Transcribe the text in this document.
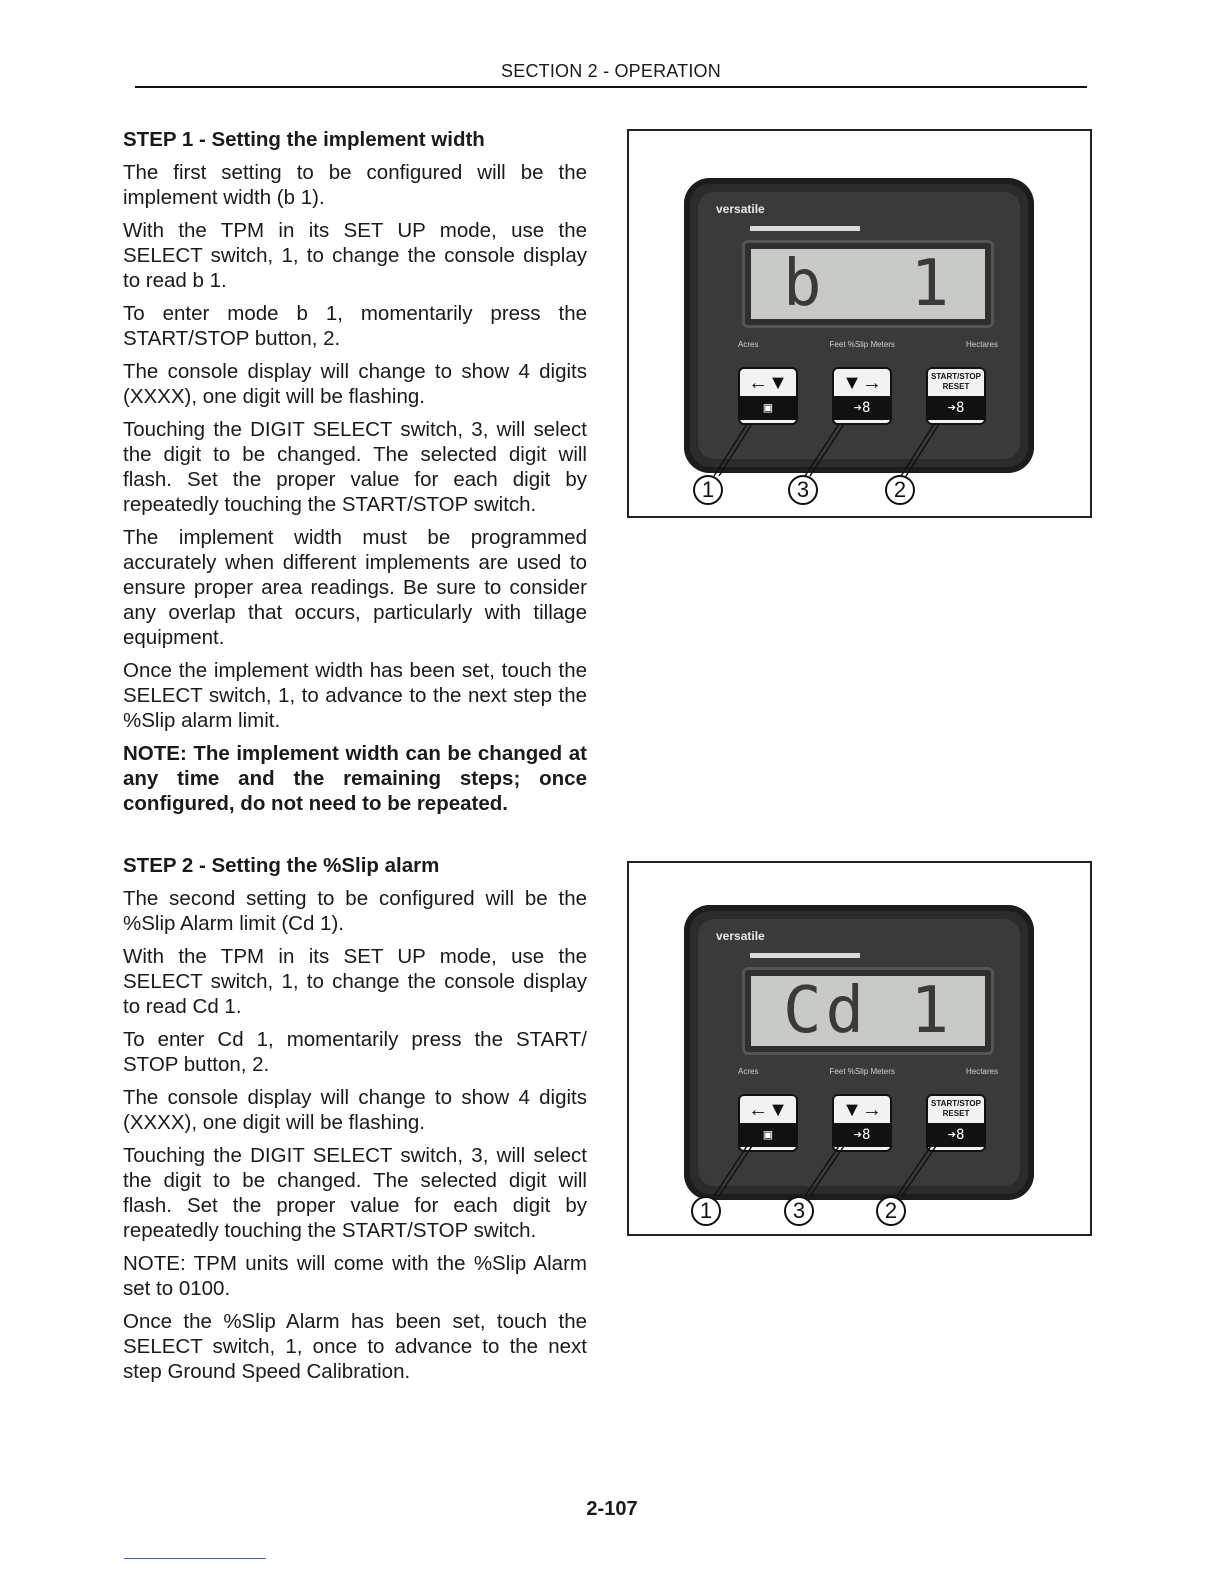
SECTION 2 - OPERATION
STEP 1 - Setting the implement width

The first setting to be configured will be the implement width (b 1).

With the TPM in its SET UP mode, use the SELECT switch, 1, to change the console display to read b 1.

To enter mode b 1, momentarily press the START/STOP button, 2.

The console display will change to show 4 digits (XXXX), one digit will be flashing.

Touching the DIGIT SELECT switch, 3, will select the digit to be changed. The selected digit will flash. Set the proper value for each digit by repeatedly touching the START/STOP switch.

The implement width must be programmed accurately when different implements are used to ensure proper area readings. Be sure to consider any overlap that occurs, particularly with tillage equipment.

Once the implement width has been set, touch the SELECT switch, 1, to advance to the next step the %Slip alarm limit.

NOTE: The implement width can be changed at any time and the remaining steps; once configured, do not need to be repeated.

STEP 2 - Setting the %Slip alarm

The second setting to be configured will be the %Slip Alarm limit (Cd 1).

With the TPM in its SET UP mode, use the SELECT switch, 1, to change the console display to read Cd 1.

To enter Cd 1, momentarily press the START/ STOP button, 2.

The console display will change to show 4 digits (XXXX), one digit will be flashing.

Touching the DIGIT SELECT switch, 3, will select the digit to be changed. The selected digit will flash. Set the proper value for each digit by repeatedly touching the START/STOP switch.

NOTE: TPM units will come with the %Slip Alarm set to 0100.

Once the %Slip Alarm has been set, touch the SELECT switch, 1, once to advance to the next step Ground Speed Calibration.

versatile
b 1
Acres	Feet %Slip Meters	Hectares
←▼
▣
▼→
➔8
START/STOP RESET
➔8
1	3	2
versatile
Cd 1
Acres	Feet %Slip Meters	Hectares
←▼
▣
▼→
➔8
START/STOP RESET
➔8
1	3	2
2-107
